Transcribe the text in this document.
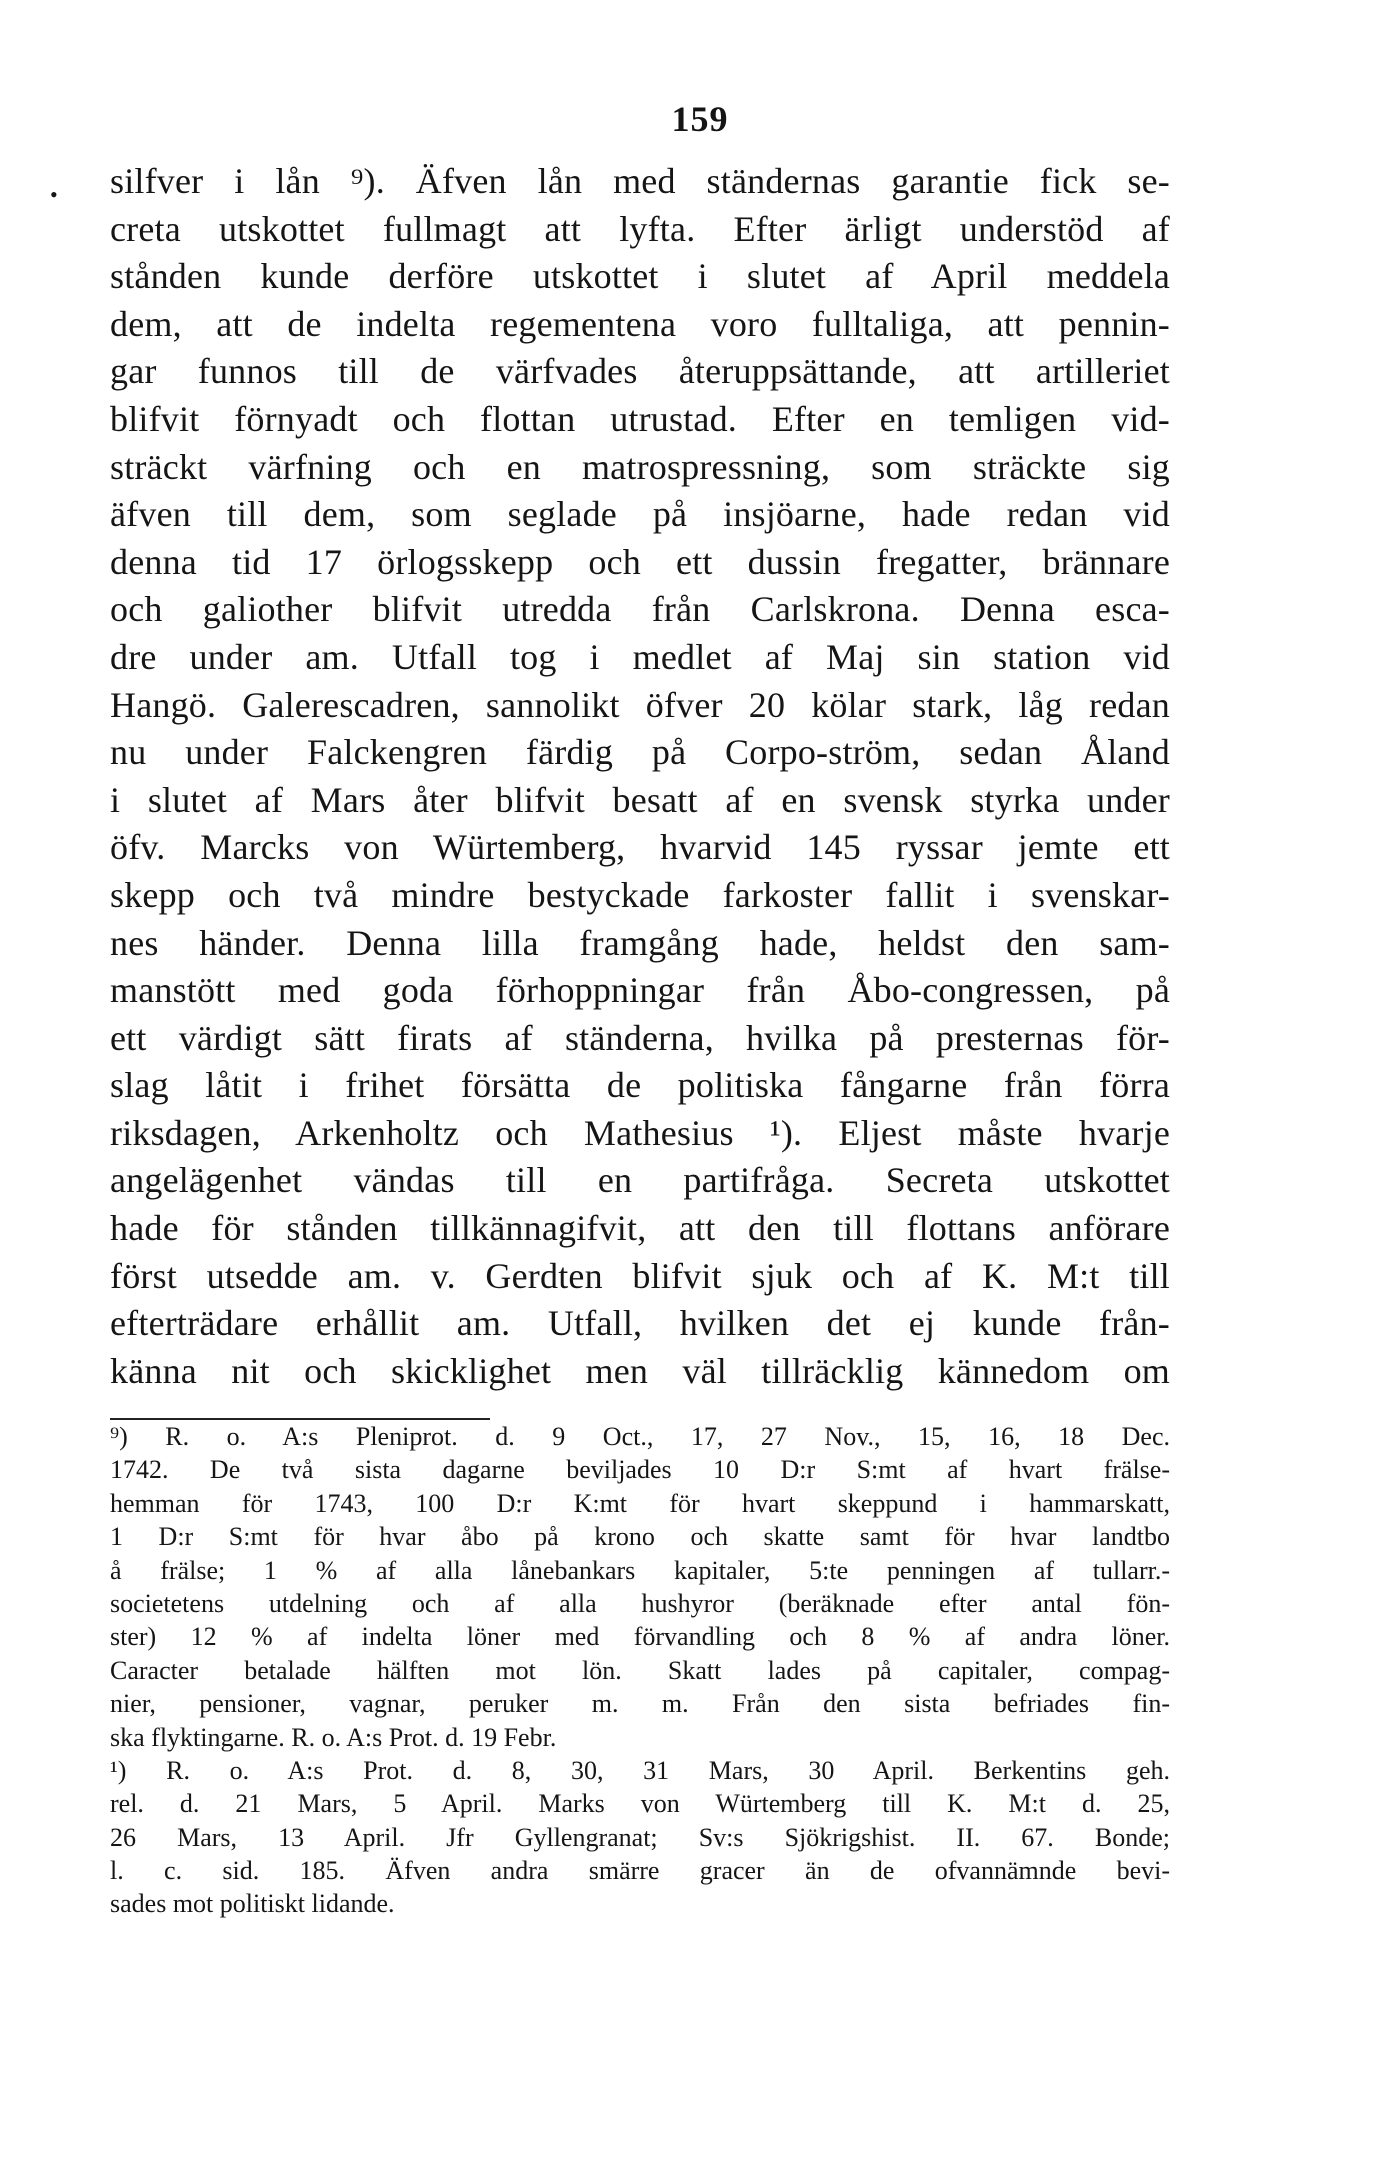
159
• silfver i lån ⁹). Äfven lån med ständernas garantie fick se-
creta utskottet fullmagt att lyfta. Efter ärligt understöd af
stånden kunde derföre utskottet i slutet af April meddela
dem, att de indelta regementena voro fulltaliga, att pennin-
gar funnos till de värfvades återuppsättande, att artilleriet
blifvit förnyadt och flottan utrustad. Efter en temligen vid-
sträckt värfning och en matrospressning, som sträckte sig
äfven till dem, som seglade på insjöarne, hade redan vid
denna tid 17 örlogsskepp och ett dussin fregatter, brännare
och galiother blifvit utredda från Carlskrona. Denna esca-
dre under am. Utfall tog i medlet af Maj sin station vid
Hangö. Galerescadren, sannolikt öfver 20 kölar stark, låg redan
nu under Falckengren färdig på Corpo-ström, sedan Åland
i slutet af Mars åter blifvit besatt af en svensk styrka under
öfv. Marcks von Würtemberg, hvarvid 145 ryssar jemte ett
skepp och två mindre bestyckade farkoster fallit i svenskar-
nes händer. Denna lilla framgång hade, heldst den sam-
manstött med goda förhoppningar från Åbo-congressen, på
ett värdigt sätt firats af ständerna, hvilka på presternas för-
slag låtit i frihet försätta de politiska fångarne från förra
riksdagen, Arkenholtz och Mathesius ¹). Eljest måste hvarje
angelägenhet vändas till en partifråga. Secreta utskottet
hade för stånden tillkännagifvit, att den till flottans anförare
först utsedde am. v. Gerdten blifvit sjuk och af K. M:t till
efterträdare erhållit am. Utfall, hvilken det ej kunde från-
känna nit och skicklighet men väl tillräcklig kännedom om
⁹) R. o. A:s Pleniprot. d. 9 Oct., 17, 27 Nov., 15, 16, 18 Dec.
1742. De två sista dagarne beviljades 10 D:r S:mt af hvart frälse-
hemman för 1743, 100 D:r K:mt för hvart skeppund i hammarskatt,
1 D:r S:mt för hvar åbo på krono och skatte samt för hvar landtbo
å frälse; 1 % af alla lånebankars kapitaler, 5:te penningen af tullarr.-
societetens utdelning och af alla hushyror (beräknade efter antal fön-
ster) 12 % af indelta löner med förvandling och 8 % af andra löner.
Caracter betalade hälften mot lön. Skatt lades på capitaler, compag-
nier, pensioner, vagnar, peruker m. m. Från den sista befriades fin-
ska flyktingarne. R. o. A:s Prot. d. 19 Febr.
¹) R. o. A:s Prot. d. 8, 30, 31 Mars, 30 April. Berkentins geh.
rel. d. 21 Mars, 5 April. Marks von Würtemberg till K. M:t d. 25,
26 Mars, 13 April. Jfr Gyllengranat; Sv:s Sjökrigshist. II. 67. Bonde;
l. c. sid. 185. Äfven andra smärre gracer än de ofvannämnde bevi-
sades mot politiskt lidande.
